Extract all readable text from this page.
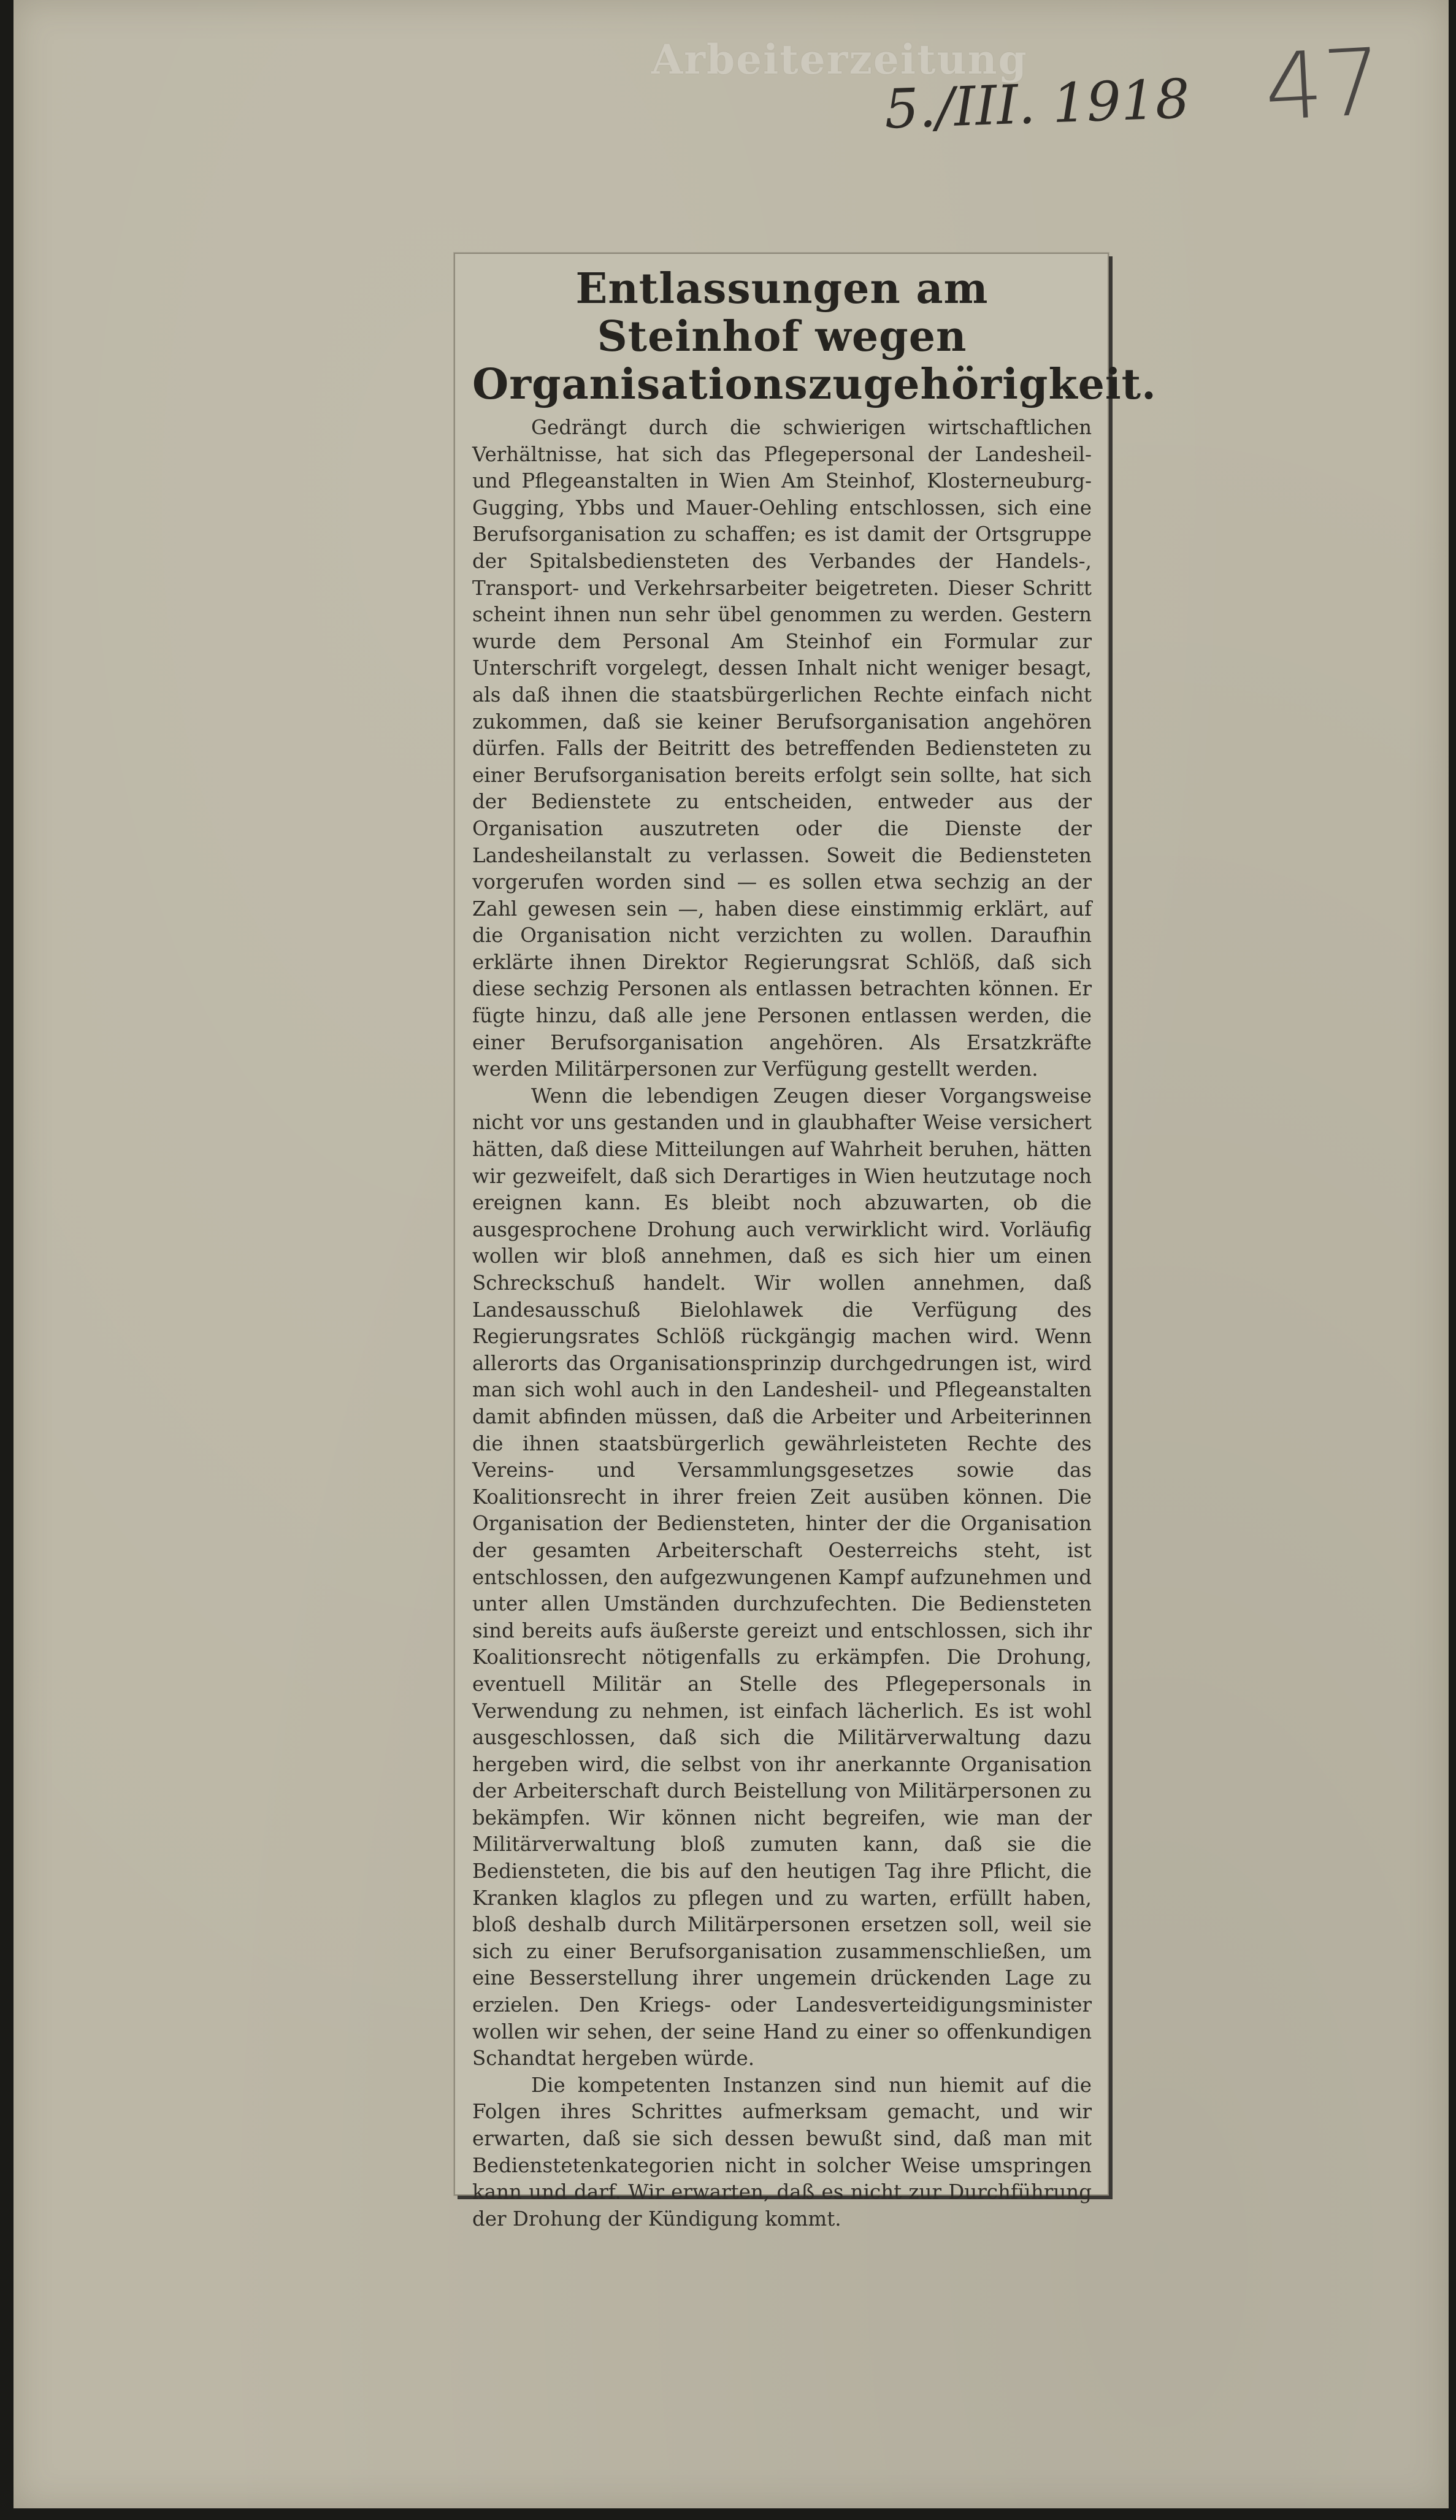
Arbeiterzeitung
5./III. 1918 47
Entlassungen am Steinhof wegen Organisationszugehörigkeit.

Gedrängt durch die schwierigen wirtschaftlichen Verhältnisse, hat sich das Pflegepersonal der Landesheil- und Pflegeanstalten in Wien Am Steinhof, Klosterneuburg-Gugging, Ybbs und Mauer-Oehling entschlossen, sich eine Berufsorganisation zu schaffen; es ist damit der Ortsgruppe der Spitalsbediensteten des Verbandes der Handels-, Transport- und Verkehrsarbeiter beigetreten. Dieser Schritt scheint ihnen nun sehr übel genommen zu werden. Gestern wurde dem Personal Am Steinhof ein Formular zur Unterschrift vorgelegt, dessen Inhalt nicht weniger besagt, als daß ihnen die staatsbürgerlichen Rechte einfach nicht zukommen, daß sie keiner Berufsorganisation angehören dürfen. Falls der Beitritt des betreffenden Bediensteten zu einer Berufsorganisation bereits erfolgt sein sollte, hat sich der Bedienstete zu entscheiden, entweder aus der Organisation auszutreten oder die Dienste der Landesheilanstalt zu verlassen. Soweit die Bediensteten vorgerufen worden sind — es sollen etwa sechzig an der Zahl gewesen sein —, haben diese einstimmig erklärt, auf die Organisation nicht verzichten zu wollen. Daraufhin erklärte ihnen Direktor Regierungsrat Schlöß, daß sich diese sechzig Personen als entlassen betrachten können. Er fügte hinzu, daß alle jene Personen entlassen werden, die einer Berufsorganisation angehören. Als Ersatzkräfte werden Militärpersonen zur Verfügung gestellt werden.

Wenn die lebendigen Zeugen dieser Vorgangsweise nicht vor uns gestanden und in glaubhafter Weise versichert hätten, daß diese Mitteilungen auf Wahrheit beruhen, hätten wir gezweifelt, daß sich Derartiges in Wien heutzutage noch ereignen kann. Es bleibt noch abzuwarten, ob die ausgesprochene Drohung auch verwirklicht wird. Vorläufig wollen wir bloß annehmen, daß es sich hier um einen Schreckschuß handelt. Wir wollen annehmen, daß Landesausschuß Bielohlawek die Verfügung des Regierungsrates Schlöß rückgängig machen wird. Wenn allerorts das Organisationsprinzip durchgedrungen ist, wird man sich wohl auch in den Landesheil- und Pflegeanstalten damit abfinden müssen, daß die Arbeiter und Arbeiterinnen die ihnen staatsbürgerlich gewährleisteten Rechte des Vereins- und Versammlungsgesetzes sowie das Koalitionsrecht in ihrer freien Zeit ausüben können. Die Organisation der Bediensteten, hinter der die Organisation der gesamten Arbeiterschaft Oesterreichs steht, ist entschlossen, den aufgezwungenen Kampf aufzunehmen und unter allen Umständen durchzufechten. Die Bediensteten sind bereits aufs äußerste gereizt und entschlossen, sich ihr Koalitionsrecht nötigenfalls zu erkämpfen. Die Drohung, eventuell Militär an Stelle des Pflegepersonals in Verwendung zu nehmen, ist einfach lächerlich. Es ist wohl ausgeschlossen, daß sich die Militärverwaltung dazu hergeben wird, die selbst von ihr anerkannte Organisation der Arbeiterschaft durch Beistellung von Militärpersonen zu bekämpfen. Wir können nicht begreifen, wie man der Militärverwaltung bloß zumuten kann, daß sie die Bediensteten, die bis auf den heutigen Tag ihre Pflicht, die Kranken klaglos zu pflegen und zu warten, erfüllt haben, bloß deshalb durch Militärpersonen ersetzen soll, weil sie sich zu einer Berufsorganisation zusammenschließen, um eine Besserstellung ihrer ungemein drückenden Lage zu erzielen. Den Kriegs- oder Landesverteidigungsminister wollen wir sehen, der seine Hand zu einer so offenkundigen Schandtat hergeben würde.

Die kompetenten Instanzen sind nun hiemit auf die Folgen ihres Schrittes aufmerksam gemacht, und wir erwarten, daß sie sich dessen bewußt sind, daß man mit Bedienstetenkategorien nicht in solcher Weise umspringen kann und darf. Wir erwarten, daß es nicht zur Durchführung der Drohung der Kündigung kommt.
